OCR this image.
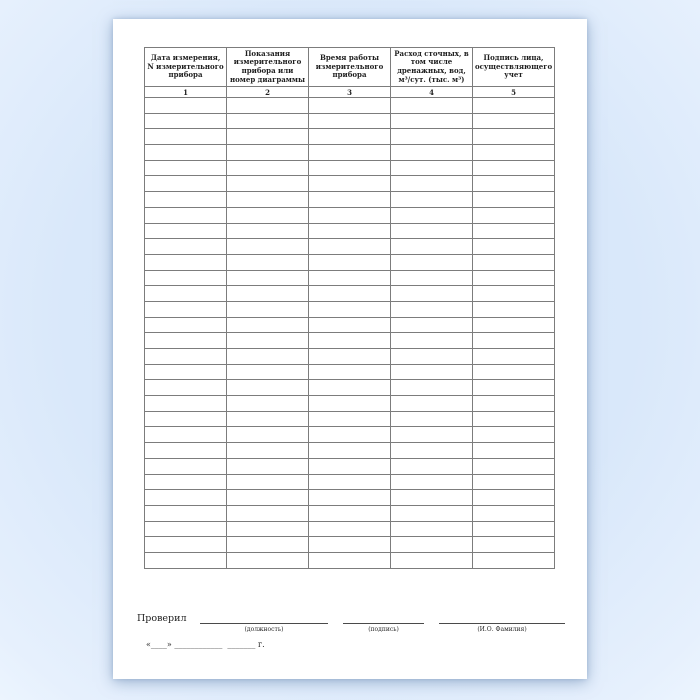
Дата измерения, N измерительного прибора	Показания измерительного прибора или номер диаграммы	Время работы измерительного прибора	Расход сточных, в том числе дренажных, вод, м³/сут. (тыс. м³)	Подпись лица, осуществляющего учет
1	2	3	4	5

Проверил
(должность)	(подпись)	(И.О. Фамилия)
«____» ____________  _______ г.
